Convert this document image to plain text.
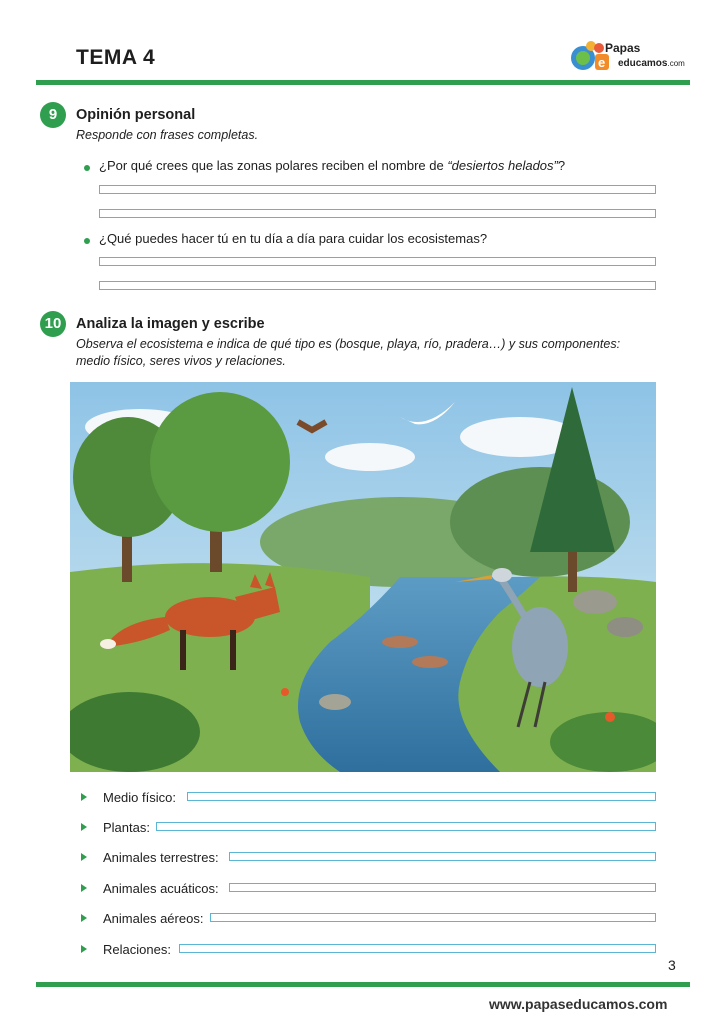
TEMA 4	e
Papas
educamos.com
9	Opinión personal
Responde con frases completas.
¿Por qué crees que las zonas polares reciben el nombre de “desiertos helados”?
¿Qué puedes hacer tú en tu día a día para cuidar los ecosistemas?
10	Analiza la imagen y escribe
Observa el ecosistema e indica de qué tipo es (bosque, playa, río, pradera…) y sus componentes:
medio físico, seres vivos y relaciones.
Medio físico:
Plantas:
Animales terrestres:
Animales acuáticos:
Animales aéreos:
Relaciones:
3
www.papaseducamos.com
